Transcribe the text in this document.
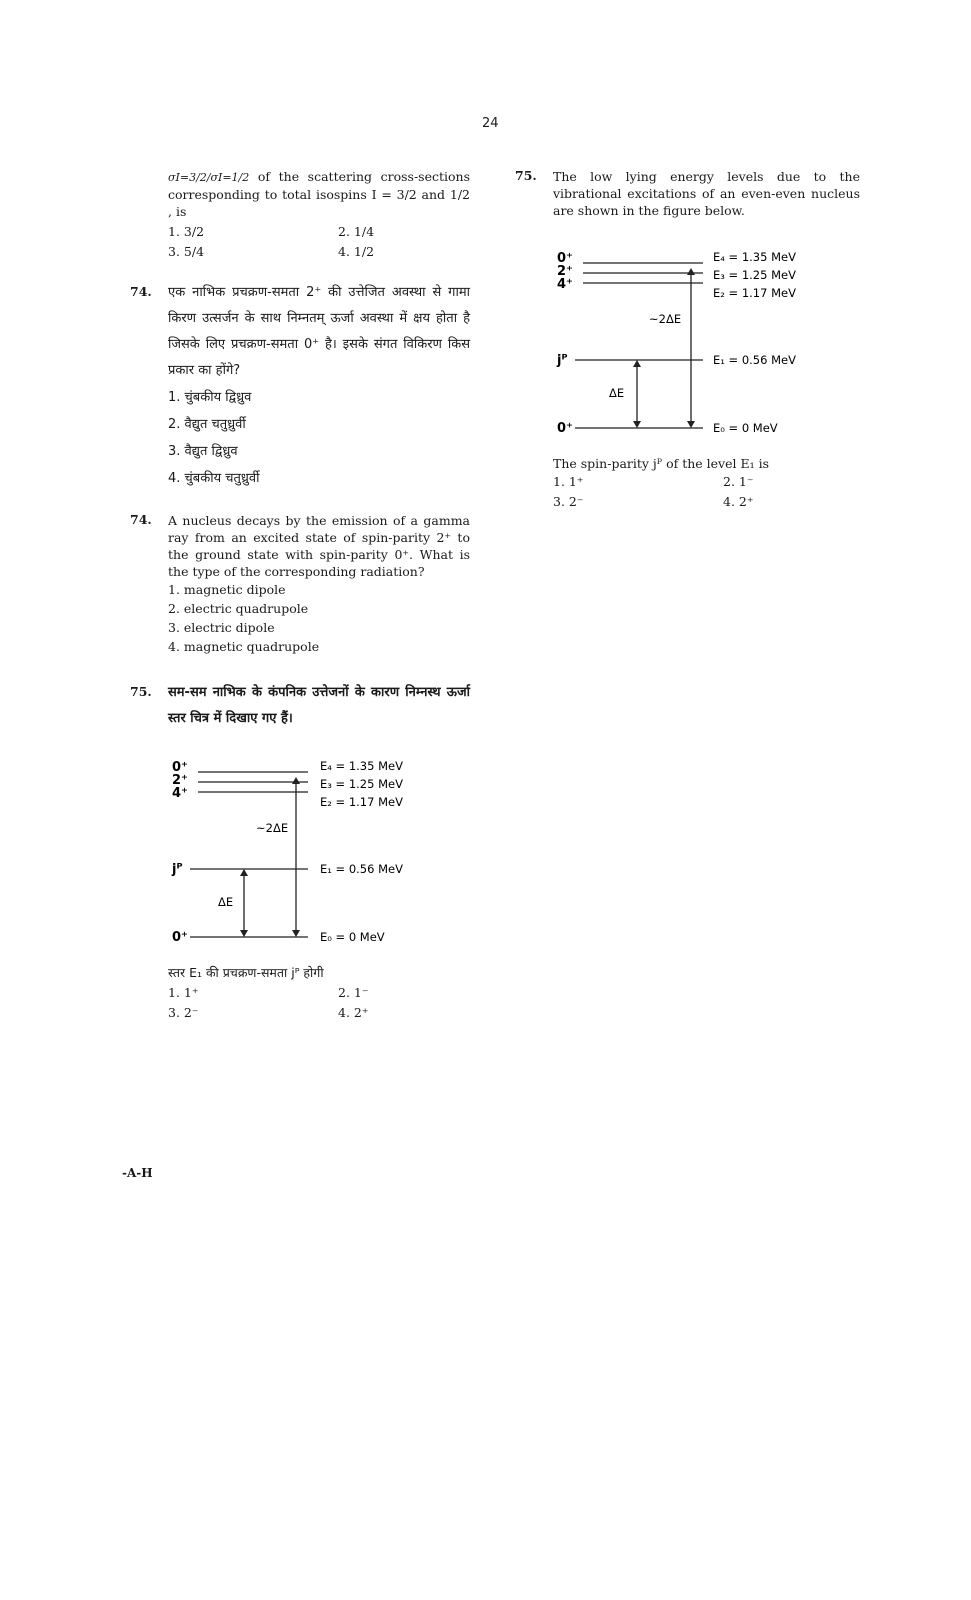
24
σI=3/2/σI=1/2 of the scattering cross-sections corresponding to total isospins I = 3/2 and 1/2 , is
1. 3/2	2. 1/4
3. 5/4	4. 1/2
74. एक नाभिक प्रचक्रण-समता 2⁺ की उत्तेजित अवस्था से गामा किरण उत्सर्जन के साथ निम्नतम् ऊर्जा अवस्था में क्षय होता है जिसके लिए प्रचक्रण-समता 0⁺ है। इसके संगत विकिरण किस प्रकार का होंगे?
1. चुंबकीय द्विध्रुव
2. वैद्युत चतुध्रुर्वी
3. वैद्युत द्विध्रुव
4. चुंबकीय चतुध्रुर्वी
74. A nucleus decays by the emission of a gamma ray from an excited state of spin-parity 2⁺ to the ground state with spin-parity 0⁺. What is the type of the corresponding radiation?
1. magnetic dipole
2. electric quadrupole
3. electric dipole
4. magnetic quadrupole
75. सम-सम नाभिक के कंपनिक उत्तेजनों के कारण निम्नस्थ ऊर्जा स्तर चित्र में दिखाए गए हैं।
0⁺
2⁺
4⁺
jᴾ
0⁺
E₄ = 1.35 MeV
E₃ = 1.25 MeV
E₂ = 1.17 MeV
E₁ = 0.56 MeV
E₀ = 0 MeV
~2ΔE
ΔE
स्तर E₁ की प्रचक्रण-समता jᴾ होगी
1. 1⁺	2. 1⁻
3. 2⁻	4. 2⁺
75. The low lying energy levels due to the vibrational excitations of an even-even nucleus are shown in the figure below.
0⁺
2⁺
4⁺
jᴾ
0⁺
E₄ = 1.35 MeV
E₃ = 1.25 MeV
E₂ = 1.17 MeV
E₁ = 0.56 MeV
E₀ = 0 MeV
~2ΔE
ΔE
The spin-parity jᴾ of the level E₁ is
1. 1⁺	2. 1⁻
3. 2⁻	4. 2⁺
-A-H
